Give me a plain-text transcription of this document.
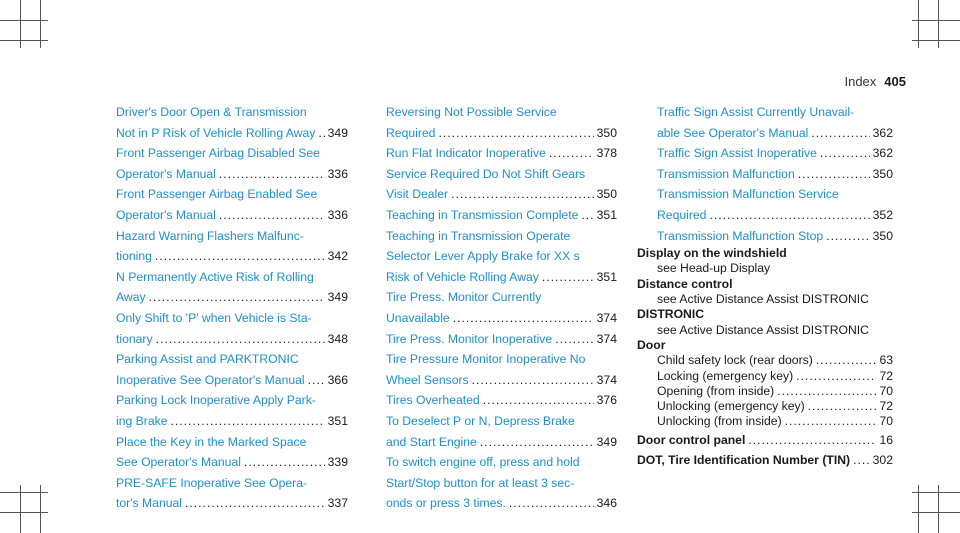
Index 405
Driver's Door Open & Transmission
Not in P Risk of Vehicle Rolling Away ..... 349
Front Passenger Airbag Disabled See
Operator's Manual .....	336
Front Passenger Airbag Enabled See
Operator's Manual .....	336
Hazard Warning Flashers Malfunc-
tioning .....	342
N Permanently Active Risk of Rolling
Away .....	349
Only Shift to 'P' when Vehicle is Sta-
tionary .....	348
Parking Assist and PARKTRONIC
Inoperative See Operator's Manual ..... 366
Parking Lock Inoperative Apply Park-
ing Brake .....	351
Place the Key in the Marked Space
See Operator's Manual .....	339
PRE-SAFE Inoperative See Opera-
tor's Manual .....	337
Reversing Not Possible Service
Required .....	350
Run Flat Indicator Inoperative .....	378
Service Required Do Not Shift Gears
Visit Dealer .....	350
Teaching in Transmission Complete ..... 351
Teaching in Transmission Operate
Selector Lever Apply Brake for XX s
Risk of Vehicle Rolling Away .....	351
Tire Press. Monitor Currently
Unavailable .....	374
Tire Press. Monitor Inoperative .....	374
Tire Pressure Monitor Inoperative No
Wheel Sensors .....	374
Tires Overheated .....	376
To Deselect P or N, Depress Brake
and Start Engine .....	349
To switch engine off, press and hold
Start/Stop button for at least 3 sec-
onds or press 3 times. .....	346
Traffic Sign Assist Currently Unavail-
able See Operator's Manual .....	362
Traffic Sign Assist Inoperative .....	362
Transmission Malfunction .....	350
Transmission Malfunction Service
Required .....	352
Transmission Malfunction Stop .....	350
Display on the windshield
see Head-up Display
Distance control
see Active Distance Assist DISTRONIC
DISTRONIC
see Active Distance Assist DISTRONIC
Door
Child safety lock (rear doors) .....	63
Locking (emergency key) .....	72
Opening (from inside) .....	70
Unlocking (emergency key) .....	72
Unlocking (from inside) .....	70
Door control panel .....	16
DOT, Tire Identification Number (TIN) ..... 302
